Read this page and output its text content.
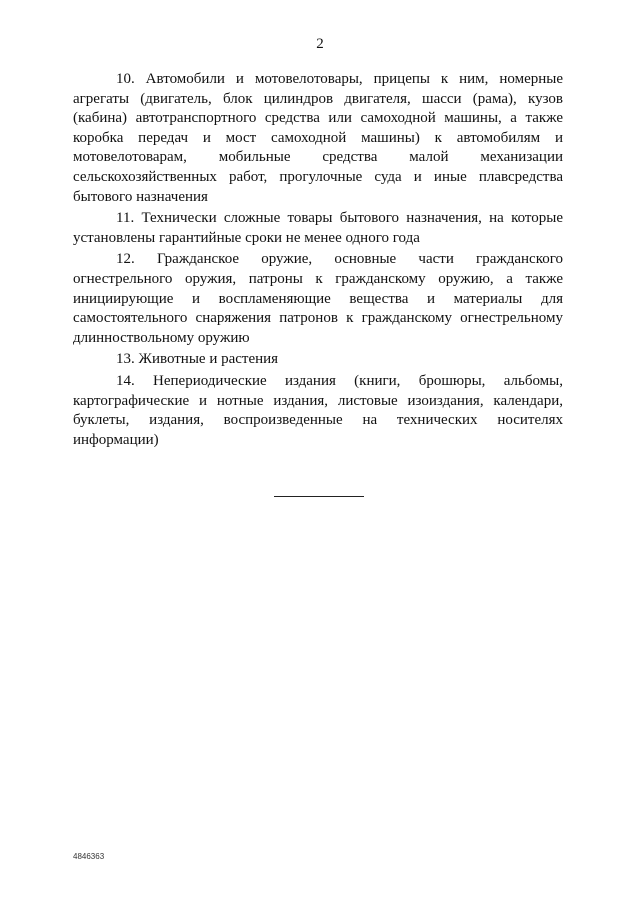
2

10. Автомобили и мотовелотовары, прицепы к ним, номерные
агрегаты (двигатель, блок цилиндров двигателя, шасси (рама), кузов
(кабина) автотранспортного средства или самоходной машины, а также
коробка передач и мост самоходной машины) к автомобилям и
мотовелотоварам, мобильные средства малой механизации
сельскохозяйственных работ, прогулочные суда и иные плавсредства
бытового назначения

11. Технически сложные товары бытового назначения, на которые
установлены гарантийные сроки не менее одного года

12. Гражданское оружие, основные части гражданского
огнестрельного оружия, патроны к гражданскому оружию, а также
инициирующие и воспламеняющие вещества и материалы для
самостоятельного снаряжения патронов к гражданскому огнестрельному
длинноствольному оружию

13. Животные и растения

14. Непериодические издания (книги, брошюры, альбомы,
картографические и нотные издания, листовые изоиздания, календари,
буклеты, издания, воспроизведенные на технических носителях
информации)

4846363
